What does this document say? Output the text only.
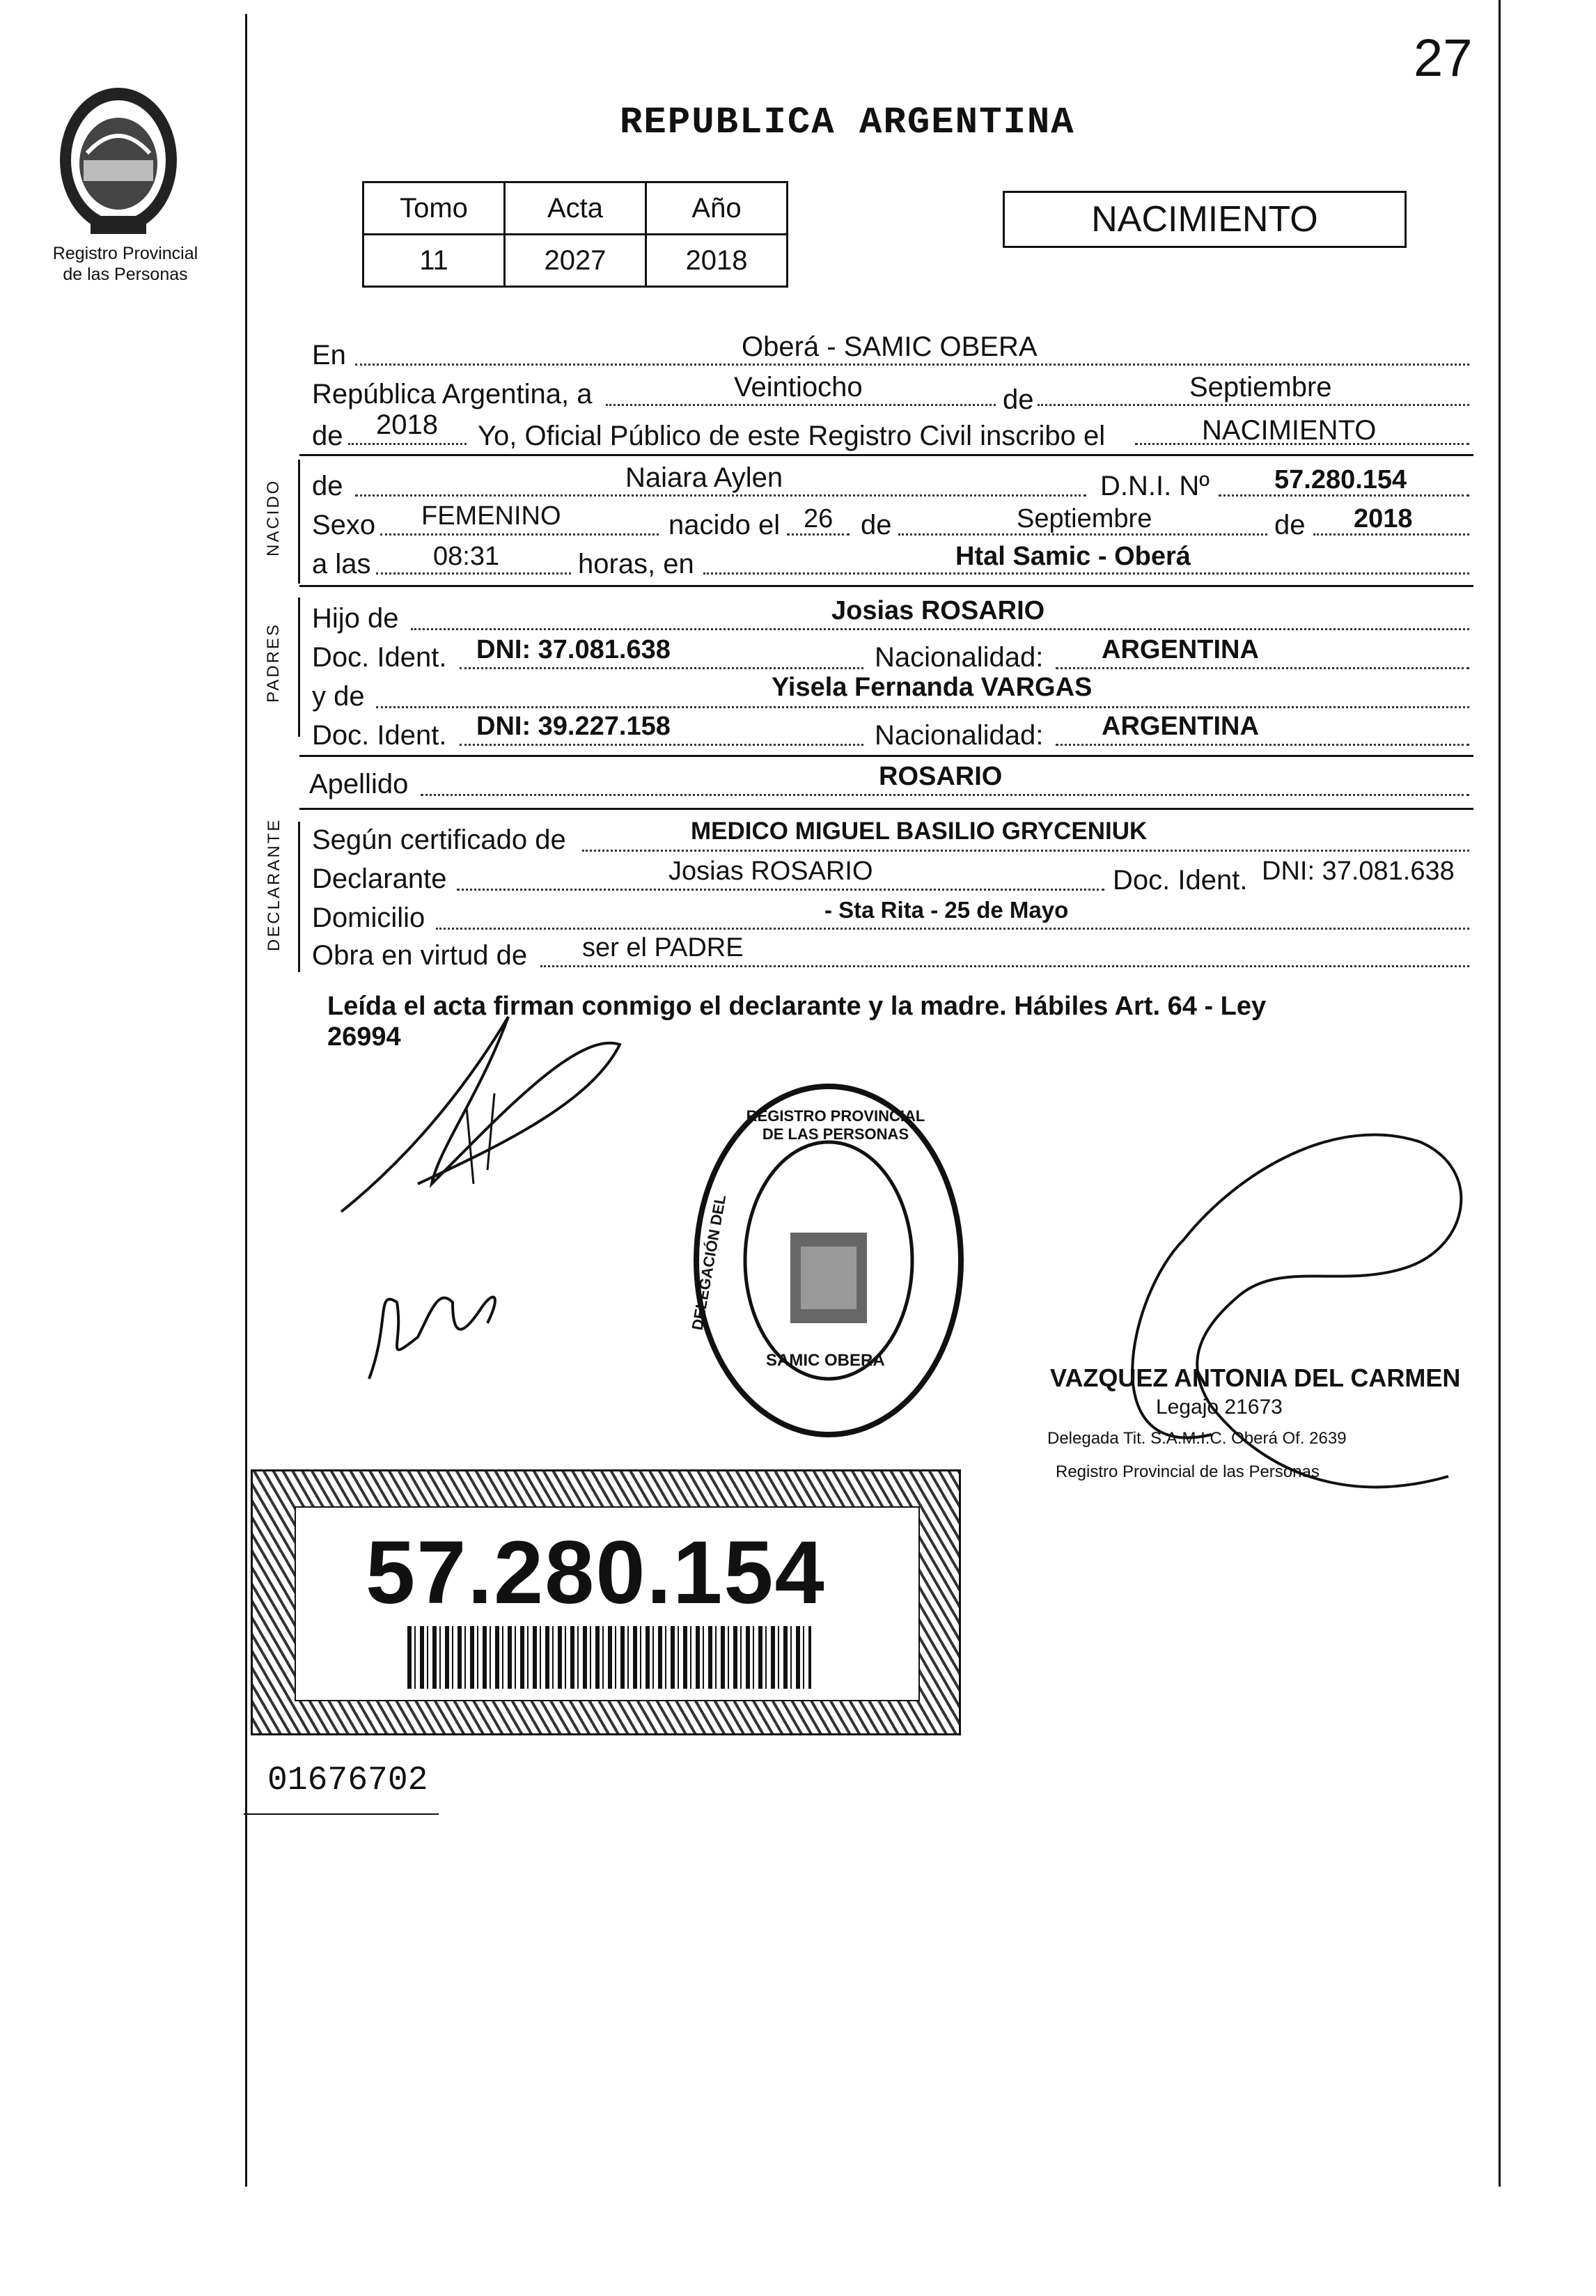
27
Registro Provincial
de las Personas
REPUBLICA ARGENTINA
Tomo	Acta	Año
11	2027	2018
NACIMIENTO
En	Oberá - SAMIC OBERA
República Argentina, a	Veintiocho	de	Septiembre
de 2018 Yo, Oficial Público de este Registro Civil inscribo el	NACIMIENTO
NACIDO de	Naiara Aylen	D.N.I. Nº 57.280.154
Sexo FEMENINO	nacido el 26 de	Septiembre	de 2018
a las 08:31	horas, en	Htal Samic - Oberá
PADRES
Hijo de	Josias ROSARIO
Doc. Ident. DNI: 37.081.638	Nacionalidad: ARGENTINA
y de	Yisela Fernanda VARGAS
Doc. Ident. DNI: 39.227.158	Nacionalidad: ARGENTINA
Apellido	ROSARIO
DECLARANTE Según certificado de	MEDICO MIGUEL BASILIO GRYCENIUK
Declarante	Josias ROSARIO	Doc. Ident. DNI: 37.081.638
Domicilio	- Sta Rita - 25 de Mayo
Obra en virtud de ser el PADRE
Leída el acta firman conmigo el declarante y la madre. Hábiles Art. 64 - Ley
26994
REGISTRO PROVINCIAL DE LAS PERSONAS
DELEGACIÓN DEL
SAMIC OBERA
VAZQUEZ ANTONIA DEL CARMEN
Legajo 21673
Delegada Tit. S.A.M.I.C. Oberá Of. 2639
Registro Provincial de las Personas
57.280.154
01676702
